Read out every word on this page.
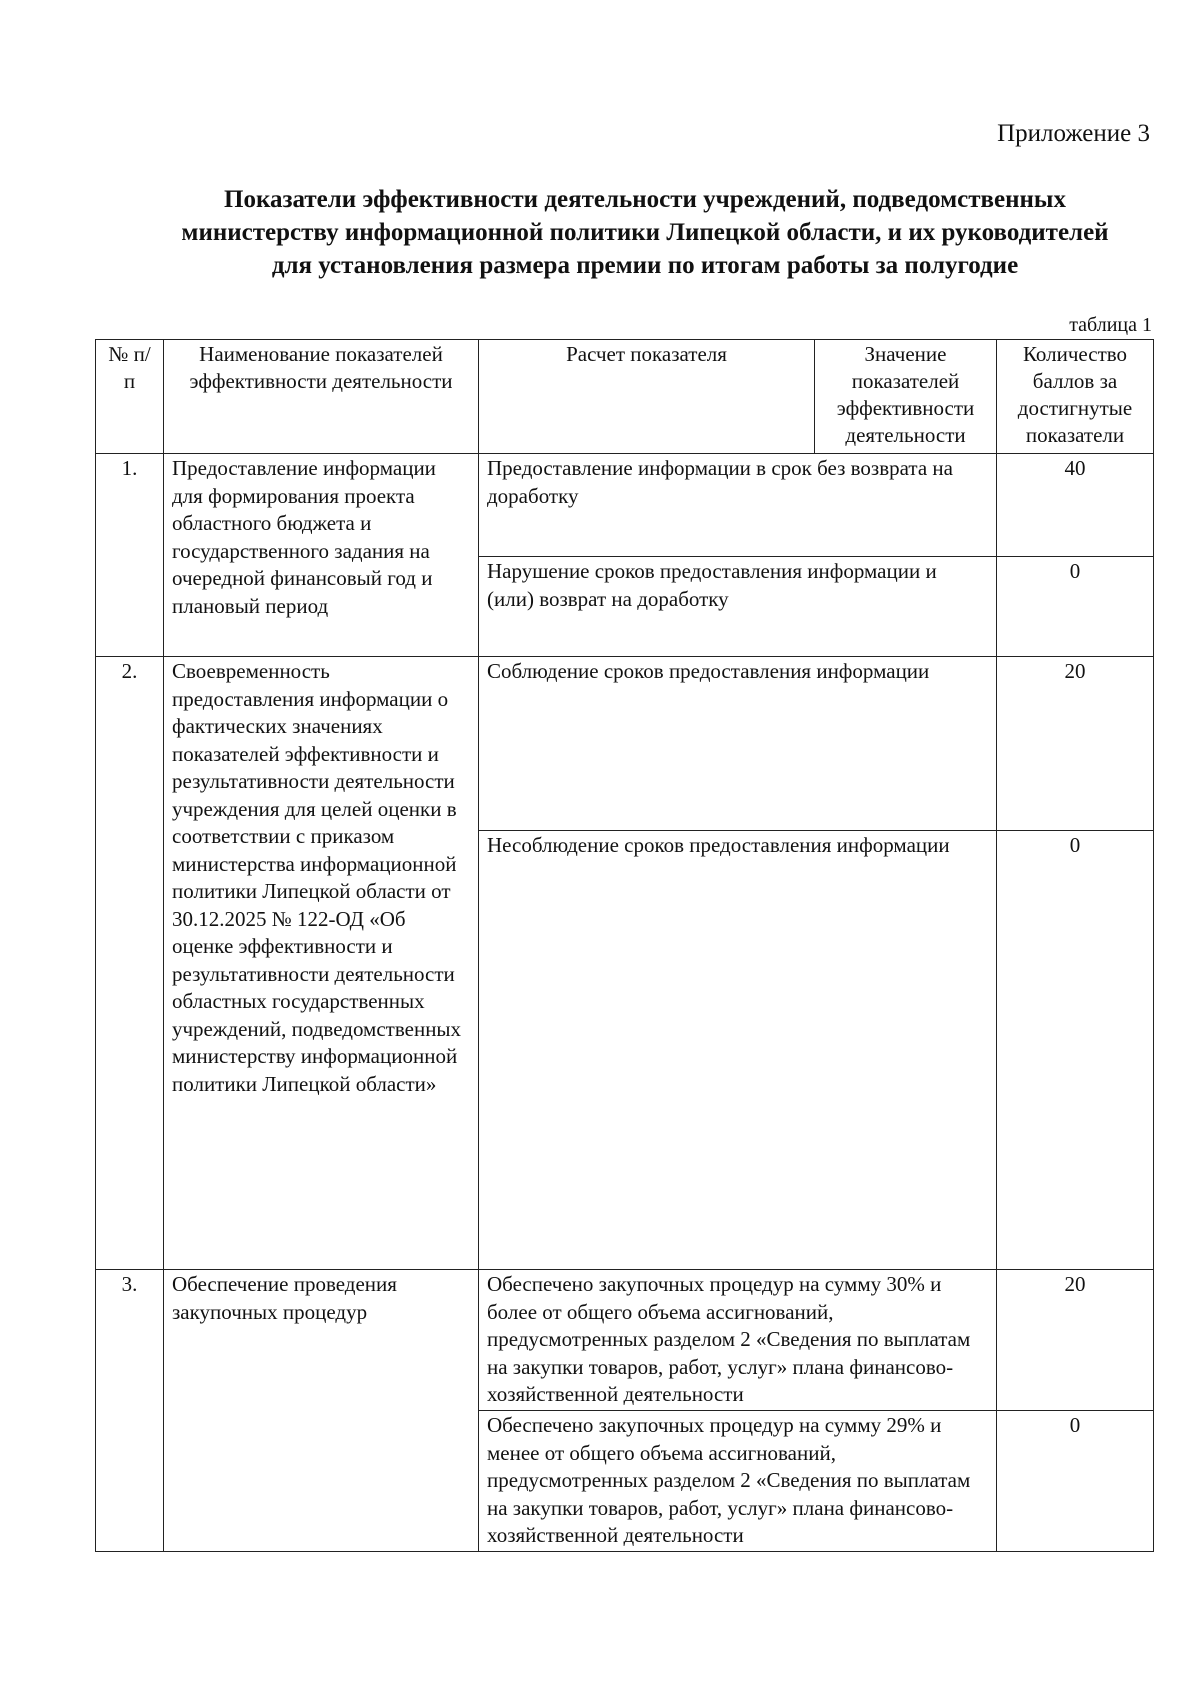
Приложение 3
Показатели эффективности деятельности учреждений, подведомственных министерству информационной политики Липецкой области, и их руководителей для установления размера премии по итогам работы за полугодие
таблица 1
№ п/п	Наименование показателей эффективности деятельности	Расчет показателя	Значение показателей эффективности деятельности	Количество баллов за достигнутые показатели
1.	Предоставление информации для формирования проекта областного бюджета и государственного задания на очередной финансовый год и плановый период	Предоставление информации в срок без возврата на доработку		40
		Нарушение сроков предоставления информации и (или) возврат на доработку		0
2.	Своевременность предоставления информации о фактических значениях показателей эффективности и результативности деятельности учреждения для целей оценки в соответствии с приказом министерства информационной политики Липецкой области от 30.12.2025 № 122-ОД «Об оценке эффективности и результативности деятельности областных государственных учреждений, подведомственных министерству информационной политики Липецкой области»	Соблюдение сроков предоставления информации		20
		Несоблюдение сроков предоставления информации		0
3.	Обеспечение проведения закупочных процедур	Обеспечено закупочных процедур на сумму 30% и более от общего объема ассигнований, предусмотренных разделом 2 «Сведения по выплатам на закупки товаров, работ, услуг» плана финансово-хозяйственной деятельности		20
		Обеспечено закупочных процедур на сумму 29% и менее от общего объема ассигнований, предусмотренных разделом 2 «Сведения по выплатам на закупки товаров, работ, услуг» плана финансово-хозяйственной деятельности		0
